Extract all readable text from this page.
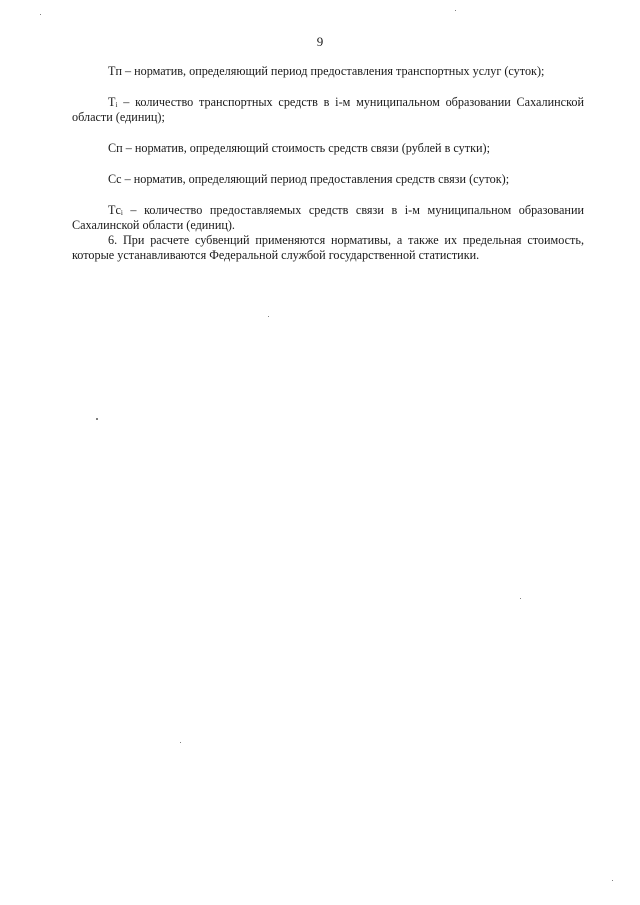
9

Tп – норматив, определяющий период предоставления транспортных услуг (суток);

Tᵢ – количество транспортных средств в i-м муниципальном образовании Сахалинской области (единиц);

Cп – норматив, определяющий стоимость средств связи (рублей в сутки);

Cс – норматив, определяющий период предоставления средств связи (суток);

Tсᵢ – количество предоставляемых средств связи в i-м муниципальном образовании Сахалинской области (единиц).

6. При расчете субвенций применяются нормативы, а также их предельная стоимость, которые устанавливаются Федеральной службой государственной статистики.
